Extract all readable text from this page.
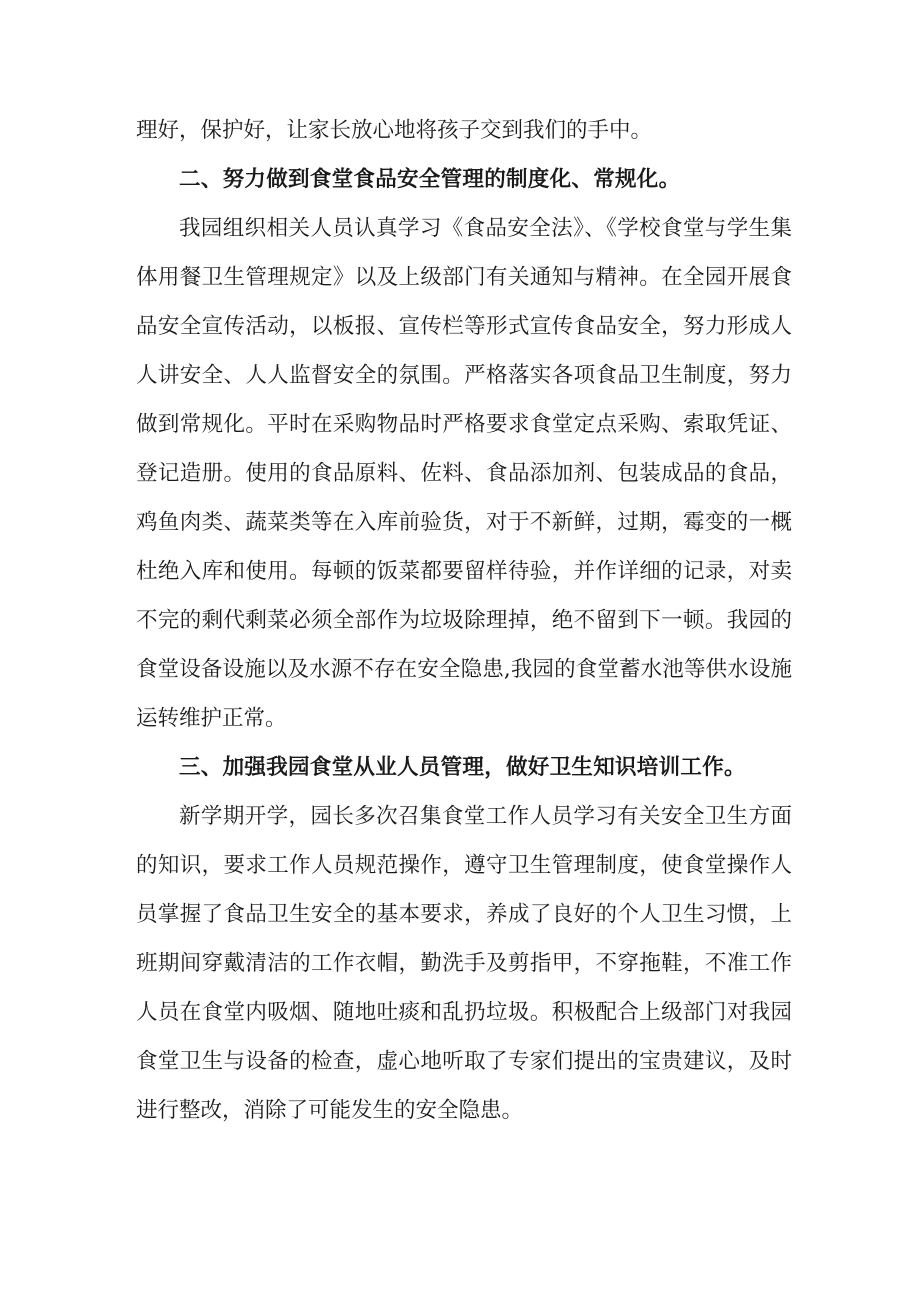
理好，保护好，让家长放心地将孩子交到我们的手中。

二、努力做到食堂食品安全管理的制度化、常规化。

我园组织相关人员认真学习《食品安全法》、《学校食堂与学生集体用餐卫生管理规定》以及上级部门有关通知与精神。在全园开展食品安全宣传活动，以板报、宣传栏等形式宣传食品安全，努力形成人人讲安全、人人监督安全的氛围。严格落实各项食品卫生制度，努力做到常规化。平时在采购物品时严格要求食堂定点采购、索取凭证、登记造册。使用的食品原料、佐料、食品添加剂、包装成品的食品，鸡鱼肉类、蔬菜类等在入库前验货，对于不新鲜，过期，霉变的一概杜绝入库和使用。每顿的饭菜都要留样待验，并作详细的记录，对卖不完的剩代剩菜必须全部作为垃圾除理掉，绝不留到下一顿。我园的食堂设备设施以及水源不存在安全隐患,我园的食堂蓄水池等供水设施运转维护正常。

三、加强我园食堂从业人员管理，做好卫生知识培训工作。

新学期开学，园长多次召集食堂工作人员学习有关安全卫生方面的知识，要求工作人员规范操作，遵守卫生管理制度，使食堂操作人员掌握了食品卫生安全的基本要求，养成了良好的个人卫生习惯，上班期间穿戴清洁的工作衣帽，勤洗手及剪指甲，不穿拖鞋，不准工作人员在食堂内吸烟、随地吐痰和乱扔垃圾。积极配合上级部门对我园食堂卫生与设备的检查，虚心地听取了专家们提出的宝贵建议，及时进行整改，消除了可能发生的安全隐患。
